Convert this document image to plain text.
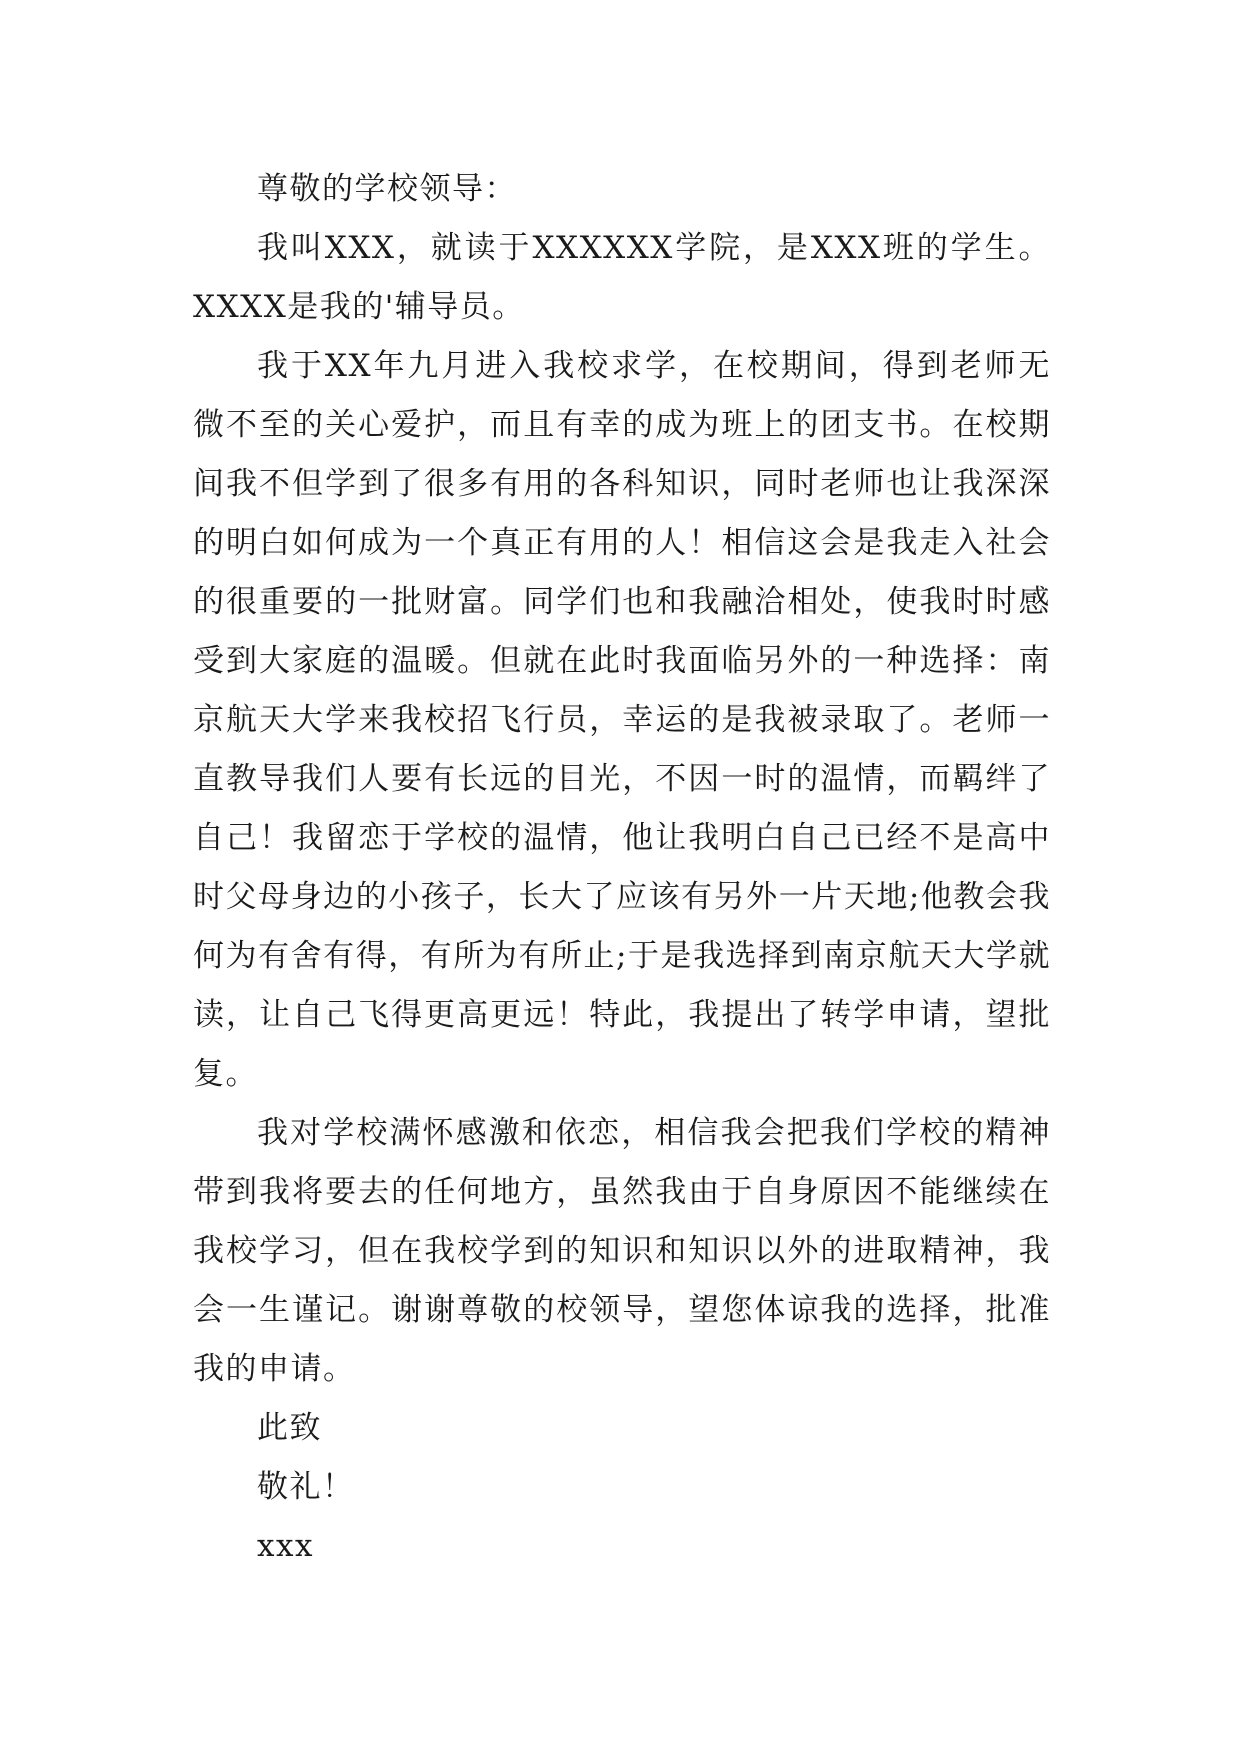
尊敬的学校领导：

我叫XXX，就读于XXXXXX学院，是XXX班的学生。XXXX是我的'辅导员。

我于XX年九月进入我校求学，在校期间，得到老师无微不至的关心爱护，而且有幸的成为班上的团支书。在校期间我不但学到了很多有用的各科知识，同时老师也让我深深的明白如何成为一个真正有用的人！相信这会是我走入社会的很重要的一批财富。同学们也和我融洽相处，使我时时感受到大家庭的温暖。但就在此时我面临另外的一种选择：南京航天大学来我校招飞行员，幸运的是我被录取了。老师一直教导我们人要有长远的目光，不因一时的温情，而羁绊了自己！我留恋于学校的温情，他让我明白自己已经不是高中时父母身边的小孩子，长大了应该有另外一片天地;他教会我何为有舍有得，有所为有所止;于是我选择到南京航天大学就读，让自己飞得更高更远！特此，我提出了转学申请，望批复。

我对学校满怀感激和依恋，相信我会把我们学校的精神带到我将要去的任何地方，虽然我由于自身原因不能继续在我校学习，但在我校学到的知识和知识以外的进取精神，我会一生谨记。谢谢尊敬的校领导，望您体谅我的选择，批准我的申请。

此致

敬礼！

xxx
